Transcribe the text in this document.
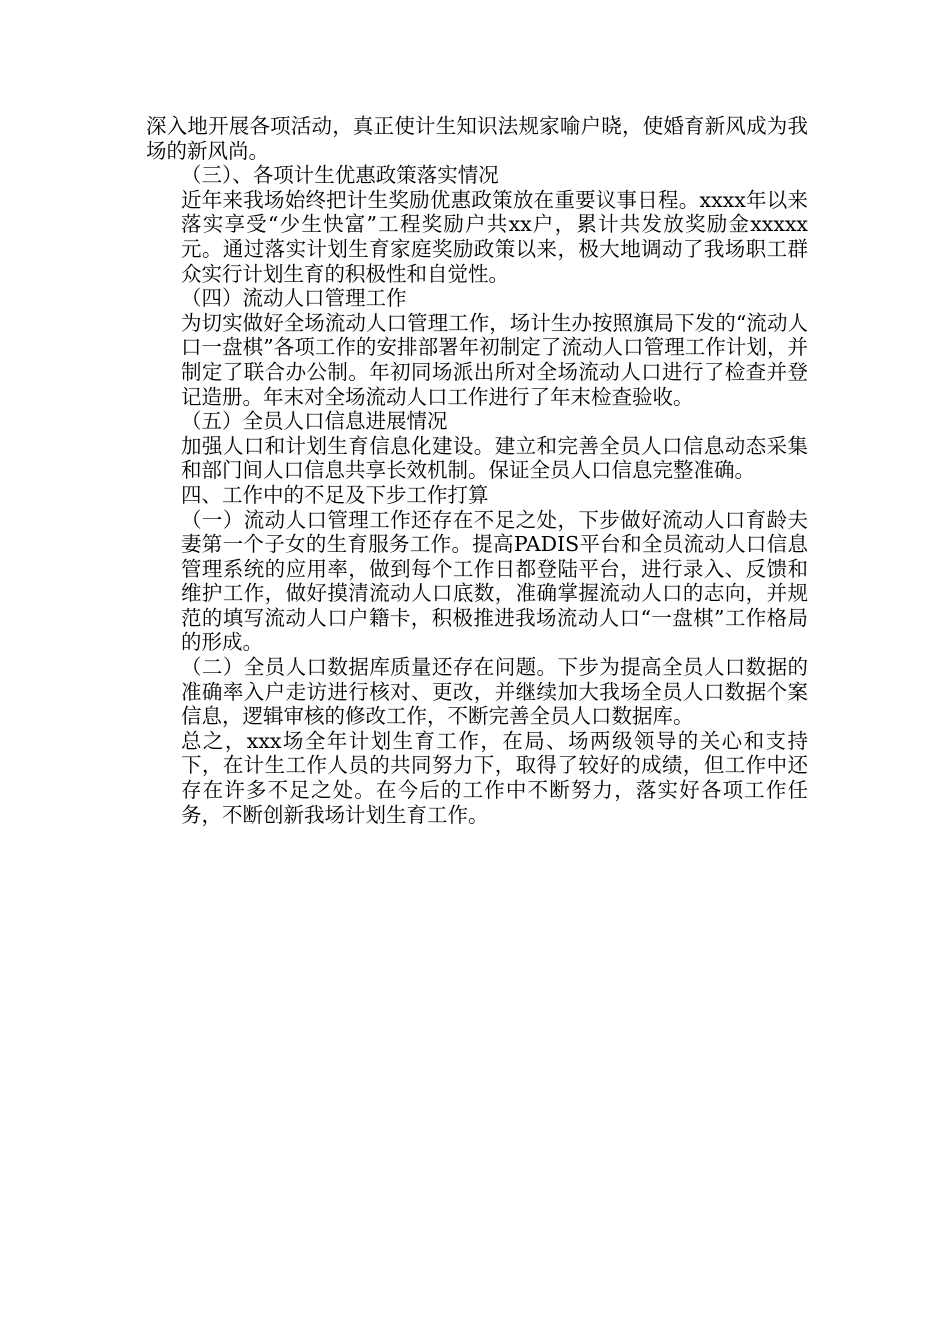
深入地开展各项活动，真正使计生知识法规家喻户晓，使婚育新风成为我场的新风尚。

（三）、各项计生优惠政策落实情况

近年来我场始终把计生奖励优惠政策放在重要议事日程。xxxx年以来落实享受“少生快富”工程奖励户共xx户，累计共发放奖励金xxxxx元。通过落实计划生育家庭奖励政策以来，极大地调动了我场职工群众实行计划生育的积极性和自觉性。

（四）流动人口管理工作

为切实做好全场流动人口管理工作，场计生办按照旗局下发的“流动人口一盘棋”各项工作的安排部署年初制定了流动人口管理工作计划，并制定了联合办公制。年初同场派出所对全场流动人口进行了检查并登记造册。年末对全场流动人口工作进行了年末检查验收。

（五）全员人口信息进展情况

加强人口和计划生育信息化建设。建立和完善全员人口信息动态采集和部门间人口信息共享长效机制。保证全员人口信息完整准确。

四、工作中的不足及下步工作打算

（一）流动人口管理工作还存在不足之处，下步做好流动人口育龄夫妻第一个子女的生育服务工作。提高PADIS平台和全员流动人口信息管理系统的应用率，做到每个工作日都登陆平台，进行录入、反馈和维护工作，做好摸清流动人口底数，准确掌握流动人口的志向，并规范的填写流动人口户籍卡，积极推进我场流动人口“一盘棋”工作格局的形成。

（二）全员人口数据库质量还存在问题。下步为提高全员人口数据的准确率入户走访进行核对、更改，并继续加大我场全员人口数据个案信息，逻辑审核的修改工作，不断完善全员人口数据库。

总之，xxx场全年计划生育工作，在局、场两级领导的关心和支持下，在计生工作人员的共同努力下，取得了较好的成绩，但工作中还存在许多不足之处。在今后的工作中不断努力，落实好各项工作任务，不断创新我场计划生育工作。
